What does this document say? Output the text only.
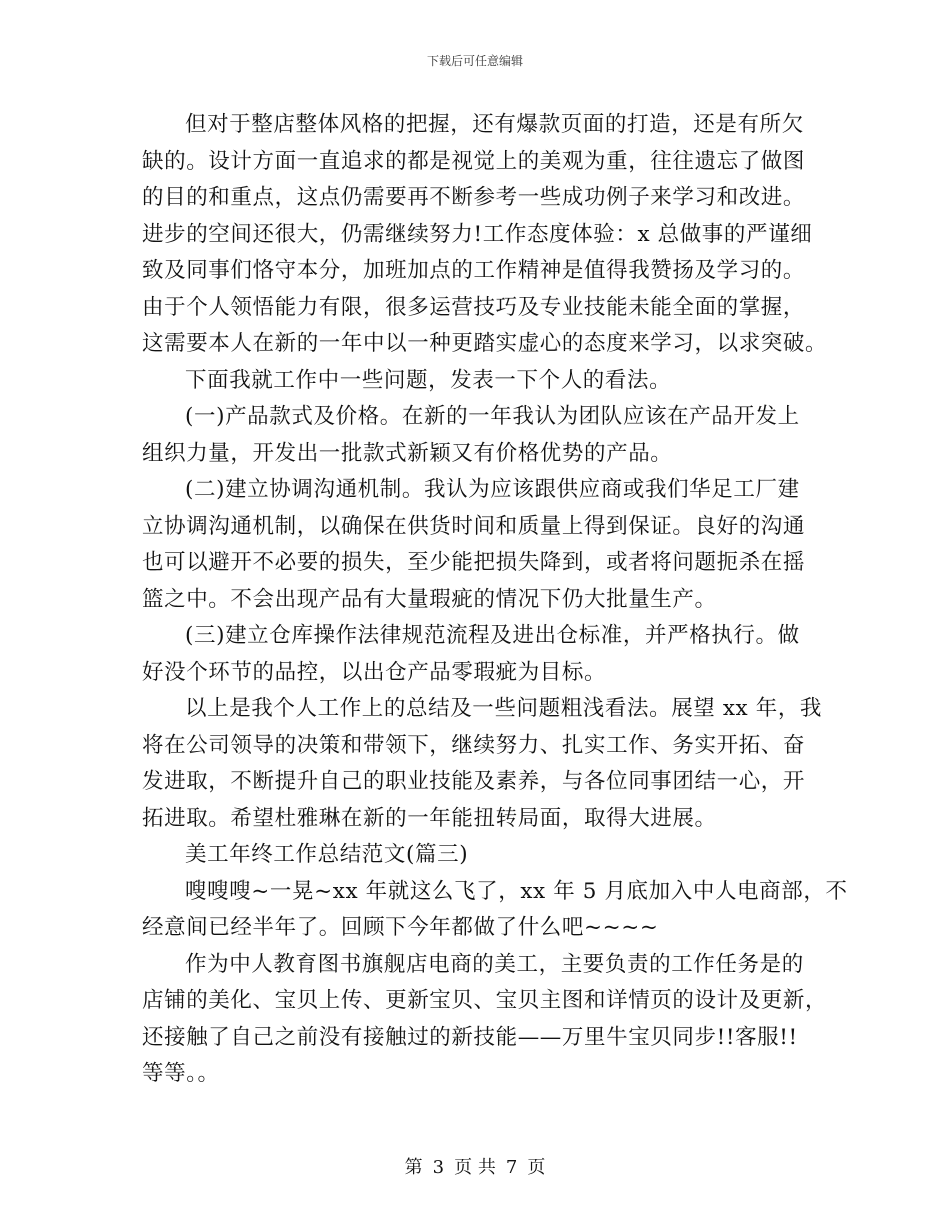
下载后可任意编辑
但对于整店整体风格的把握，还有爆款页面的打造，还是有所欠
缺的。设计方面一直追求的都是视觉上的美观为重，往往遗忘了做图
的目的和重点，这点仍需要再不断参考一些成功例子来学习和改进。
进步的空间还很大，仍需继续努力!工作态度体验：x 总做事的严谨细
致及同事们恪守本分，加班加点的工作精神是值得我赞扬及学习的。
由于个人领悟能力有限，很多运营技巧及专业技能未能全面的掌握，
这需要本人在新的一年中以一种更踏实虚心的态度来学习，以求突破。
下面我就工作中一些问题，发表一下个人的看法。
(一)产品款式及价格。在新的一年我认为团队应该在产品开发上
组织力量，开发出一批款式新颖又有价格优势的产品。
(二)建立协调沟通机制。我认为应该跟供应商或我们华足工厂建
立协调沟通机制，以确保在供货时间和质量上得到保证。良好的沟通
也可以避开不必要的损失，至少能把损失降到，或者将问题扼杀在摇
篮之中。不会出现产品有大量瑕疵的情况下仍大批量生产。
(三)建立仓库操作法律规范流程及进出仓标准，并严格执行。做
好没个环节的品控，以出仓产品零瑕疵为目标。
以上是我个人工作上的总结及一些问题粗浅看法。展望 xx 年，我
将在公司领导的决策和带领下，继续努力、扎实工作、务实开拓、奋
发进取，不断提升自己的职业技能及素养，与各位同事团结一心，开
拓进取。希望杜雅琳在新的一年能扭转局面，取得大进展。
美工年终工作总结范文(篇三)
嗖嗖嗖~一晃~xx 年就这么飞了，xx 年 5 月底加入中人电商部，不
经意间已经半年了。回顾下今年都做了什么吧~~~~
作为中人教育图书旗舰店电商的美工，主要负责的工作任务是的
店铺的美化、宝贝上传、更新宝贝、宝贝主图和详情页的设计及更新，
还接触了自己之前没有接触过的新技能——万里牛宝贝同步!!客服!!
等等。。
第 3 页 共 7 页
